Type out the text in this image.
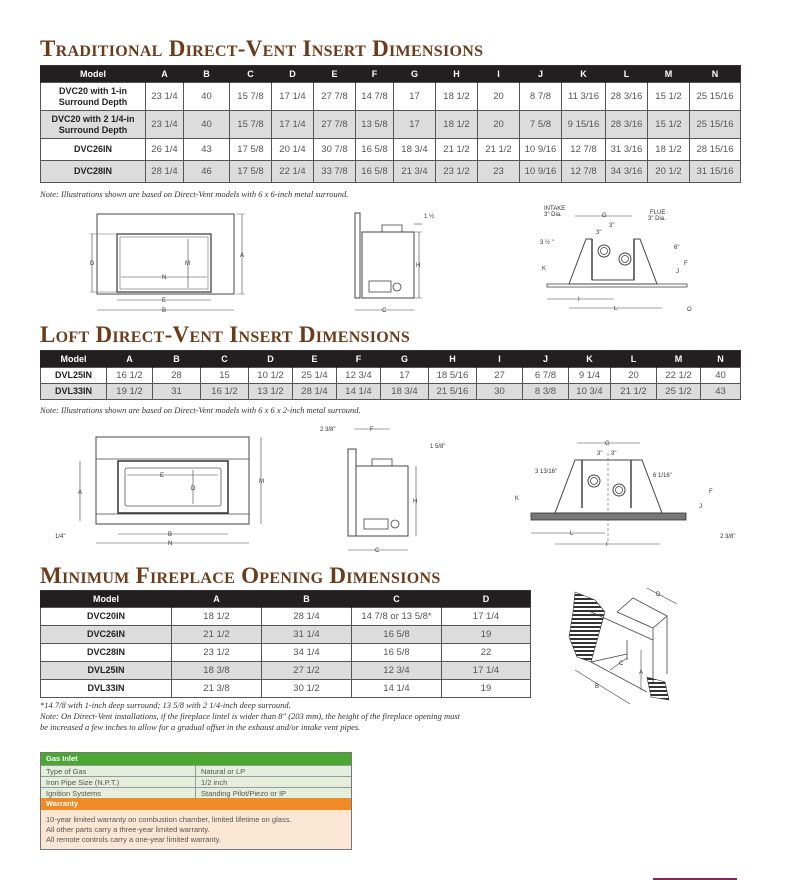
Traditional Direct-Vent Insert Dimensions
Model	A	B	C	D	E	F	G	H	I	J	K	L	M	N
DVC20 with 1-in Surround Depth	23 1/4	40	15 7/8	17 1/4	27 7/8	14 7/8	17	18 1/2	20	8 7/8	11 3/16	28 3/16	15 1/2	25 15/16
DVC20 with 2 1/4-in Surround Depth	23 1/4	40	15 7/8	17 1/4	27 7/8	13 5/8	17	18 1/2	20	7 5/8	9 15/16	28 3/16	15 1/2	25 15/16
DVC26IN	26 1/4	43	17 5/8	20 1/4	30 7/8	16 5/8	18 3/4	21 1/2	21 1/2	10 9/16	12 7/8	31 3/16	18 1/2	28 15/16
DVC28IN	28 1/4	46	17 5/8	22 1/4	33 7/8	16 5/8	21 3/4	23 1/2	23	10 9/16	12 7/8	34 3/16	20 1/2	31 15/16
Note: Illustrations shown are based on Direct-Vent models with 6 x 6-inch metal surround.
D	M
N
E
B
A
H
1 ½
C
INTAKE
3" Dia.	FLUE
3" Dia.
G
3"
3"
3 ½ "
6"
K
F
J
I
L	O
Loft Direct-Vent Insert Dimensions
Model	A	B	C	D	E	F	G	H	I	J	K	L	M	N
DVL25IN	16 1/2	28	15	10 1/2	25 1/4	12 3/4	17	18 5/16	27	6 7/8	9 1/4	20	22 1/2	40
DVL33IN	19 1/2	31	16 1/2	13 1/2	28 1/4	14 1/4	18 3/4	21 5/16	30	8 3/8	10 3/4	21 1/2	25 1/2	43
Note: Illustrations shown are based on Direct-Vent models with 6 x 6 x 2-inch metal surround.
E
D
A
M
B
N
1/4"
2 3/8"	F
1 5/8"
H
C
G
3" 3"
3 13/16"
6 1/16"
K
F
J
L
I
2 3/8"
Minimum Fireplace Opening Dimensions
Model	A	B	C	D
DVC20IN	18 1/2	28 1/4	14 7/8 or 13 5/8*	17 1/4
DVC26IN	21 1/2	31 1/4	16 5/8	19
DVC28IN	23 1/2	34 1/4	16 5/8	22
DVL25IN	18 3/8	27 1/2	12 3/4	17 1/4
DVL33IN	21 3/8	30 1/2	14 1/4	19
*14 7/8 with 1-inch deep surround; 13 5/8 with 2 1/4-inch deep surround.
Note: On Direct-Vent installations, if the fireplace lintel is wider than 8" (203 mm), the height of the fireplace opening must
be increased a few inches to allow for a gradual offset in the exhaust and/or intake vent pipes.
A
B
C
D
Gas Inlet
Type of Gas	Natural or LP
Iron Pipe Size (N.P.T.)	1/2 inch
Ignition Systems	Standing Pilot/Piezo or IP
Warranty
10-year limited warranty on combustion chamber, limited lifetime on glass.
All other parts carry a three-year limited warranty.
All remote controls carry a one-year limited warranty.
